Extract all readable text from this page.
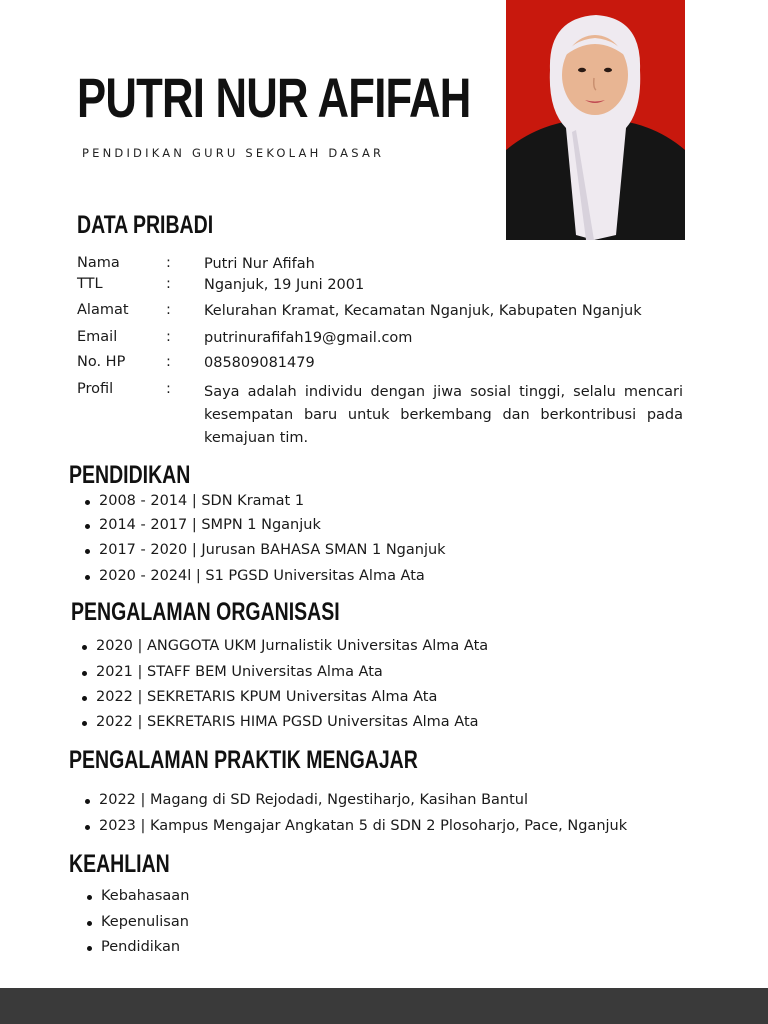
PUTRI NUR AFIFAH
PENDIDIKAN GURU SEKOLAH DASAR
DATA PRIBADI
Nama	: Putri Nur Afifah
TTL	: Nganjuk, 19 Juni 2001
Alamat	: Kelurahan Kramat, Kecamatan Nganjuk, Kabupaten Nganjuk
Email	: putrinurafifah19@gmail.com
No. HP	: 085809081479
Profil	: Saya adalah individu dengan jiwa sosial tinggi, selalu mencari kesempatan baru untuk berkembang dan berkontribusi pada kemajuan tim.
PENDIDIKAN
2008 - 2014 | SDN Kramat 1
2014 - 2017 | SMPN 1 Nganjuk
2017 - 2020 | Jurusan BAHASA SMAN 1 Nganjuk
2020 - 2024l | S1 PGSD Universitas Alma Ata
PENGALAMAN ORGANISASI
2020 | ANGGOTA UKM Jurnalistik Universitas Alma Ata
2021 | STAFF BEM Universitas Alma Ata
2022 | SEKRETARIS KPUM Universitas Alma Ata
2022 | SEKRETARIS HIMA PGSD Universitas Alma Ata
PENGALAMAN PRAKTIK MENGAJAR
2022 | Magang di SD Rejodadi, Ngestiharjo, Kasihan Bantul
2023 | Kampus Mengajar Angkatan 5 di SDN 2 Plosoharjo, Pace, Nganjuk
KEAHLIAN
Kebahasaan
Kepenulisan
Pendidikan
